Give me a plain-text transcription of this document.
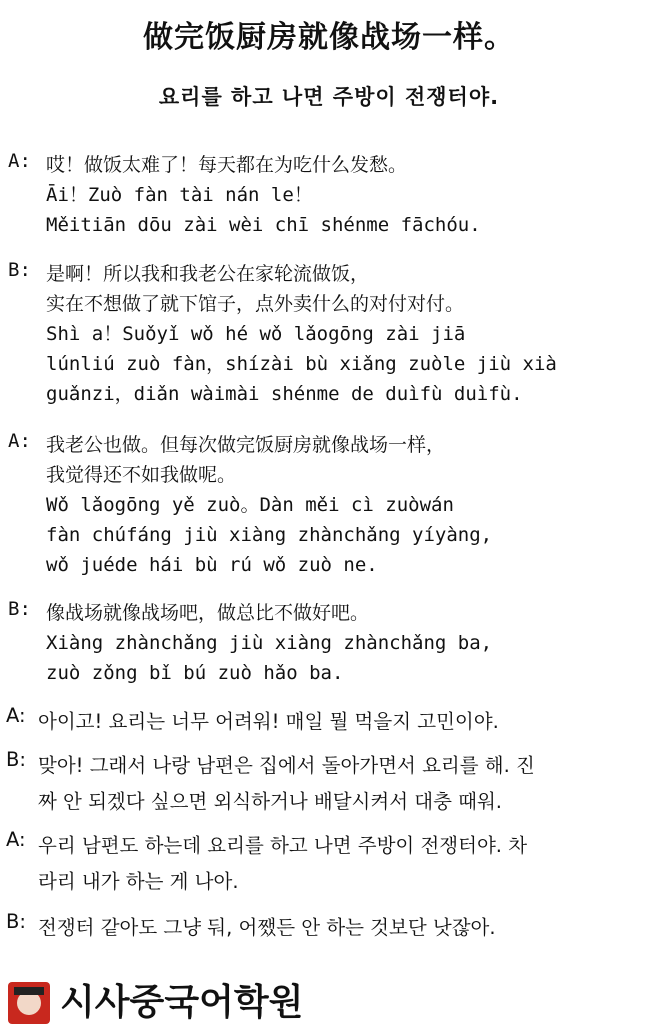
做完饭厨房就像战场一样。
요리를 하고 나면 주방이 전쟁터야.
A: 哎！做饭太难了！每天都在为吃什么发愁。
Āi！Zuò fàn tài nán le！
Měitiān dōu zài wèi chī shénme fāchóu.
B: 是啊！所以我和我老公在家轮流做饭，
实在不想做了就下馆子，点外卖什么的对付对付。
Shì a！Suǒyǐ wǒ hé wǒ lǎogōng zài jiā
lúnliú zuò fàn，shízài bù xiǎng zuòle jiù xià
guǎnzi，diǎn wàimài shénme de duìfù duìfù.
A: 我老公也做。但每次做完饭厨房就像战场一样，
我觉得还不如我做呢。
Wǒ lǎogōng yě zuò。Dàn měi cì zuòwán
fàn chúfáng jiù xiàng zhànchǎng yíyàng,
wǒ juéde hái bù rú wǒ zuò ne.
B: 像战场就像战场吧，做总比不做好吧。
Xiàng zhànchǎng jiù xiàng zhànchǎng ba,
zuò zǒng bǐ bú zuò hǎo ba.
A: 아이고! 요리는 너무 어려워! 매일 뭘 먹을지 고민이야.
B: 맞아! 그래서 나랑 남편은 집에서 돌아가면서 요리를 해. 진
짜 안 되겠다 싶으면 외식하거나 배달시켜서 대충 때워.
A: 우리 남편도 하는데 요리를 하고 나면 주방이 전쟁터야. 차
라리 내가 하는 게 나아.
B: 전쟁터 같아도 그냥 둬, 어쨌든 안 하는 것보단 낫잖아.
시사중국어학원
